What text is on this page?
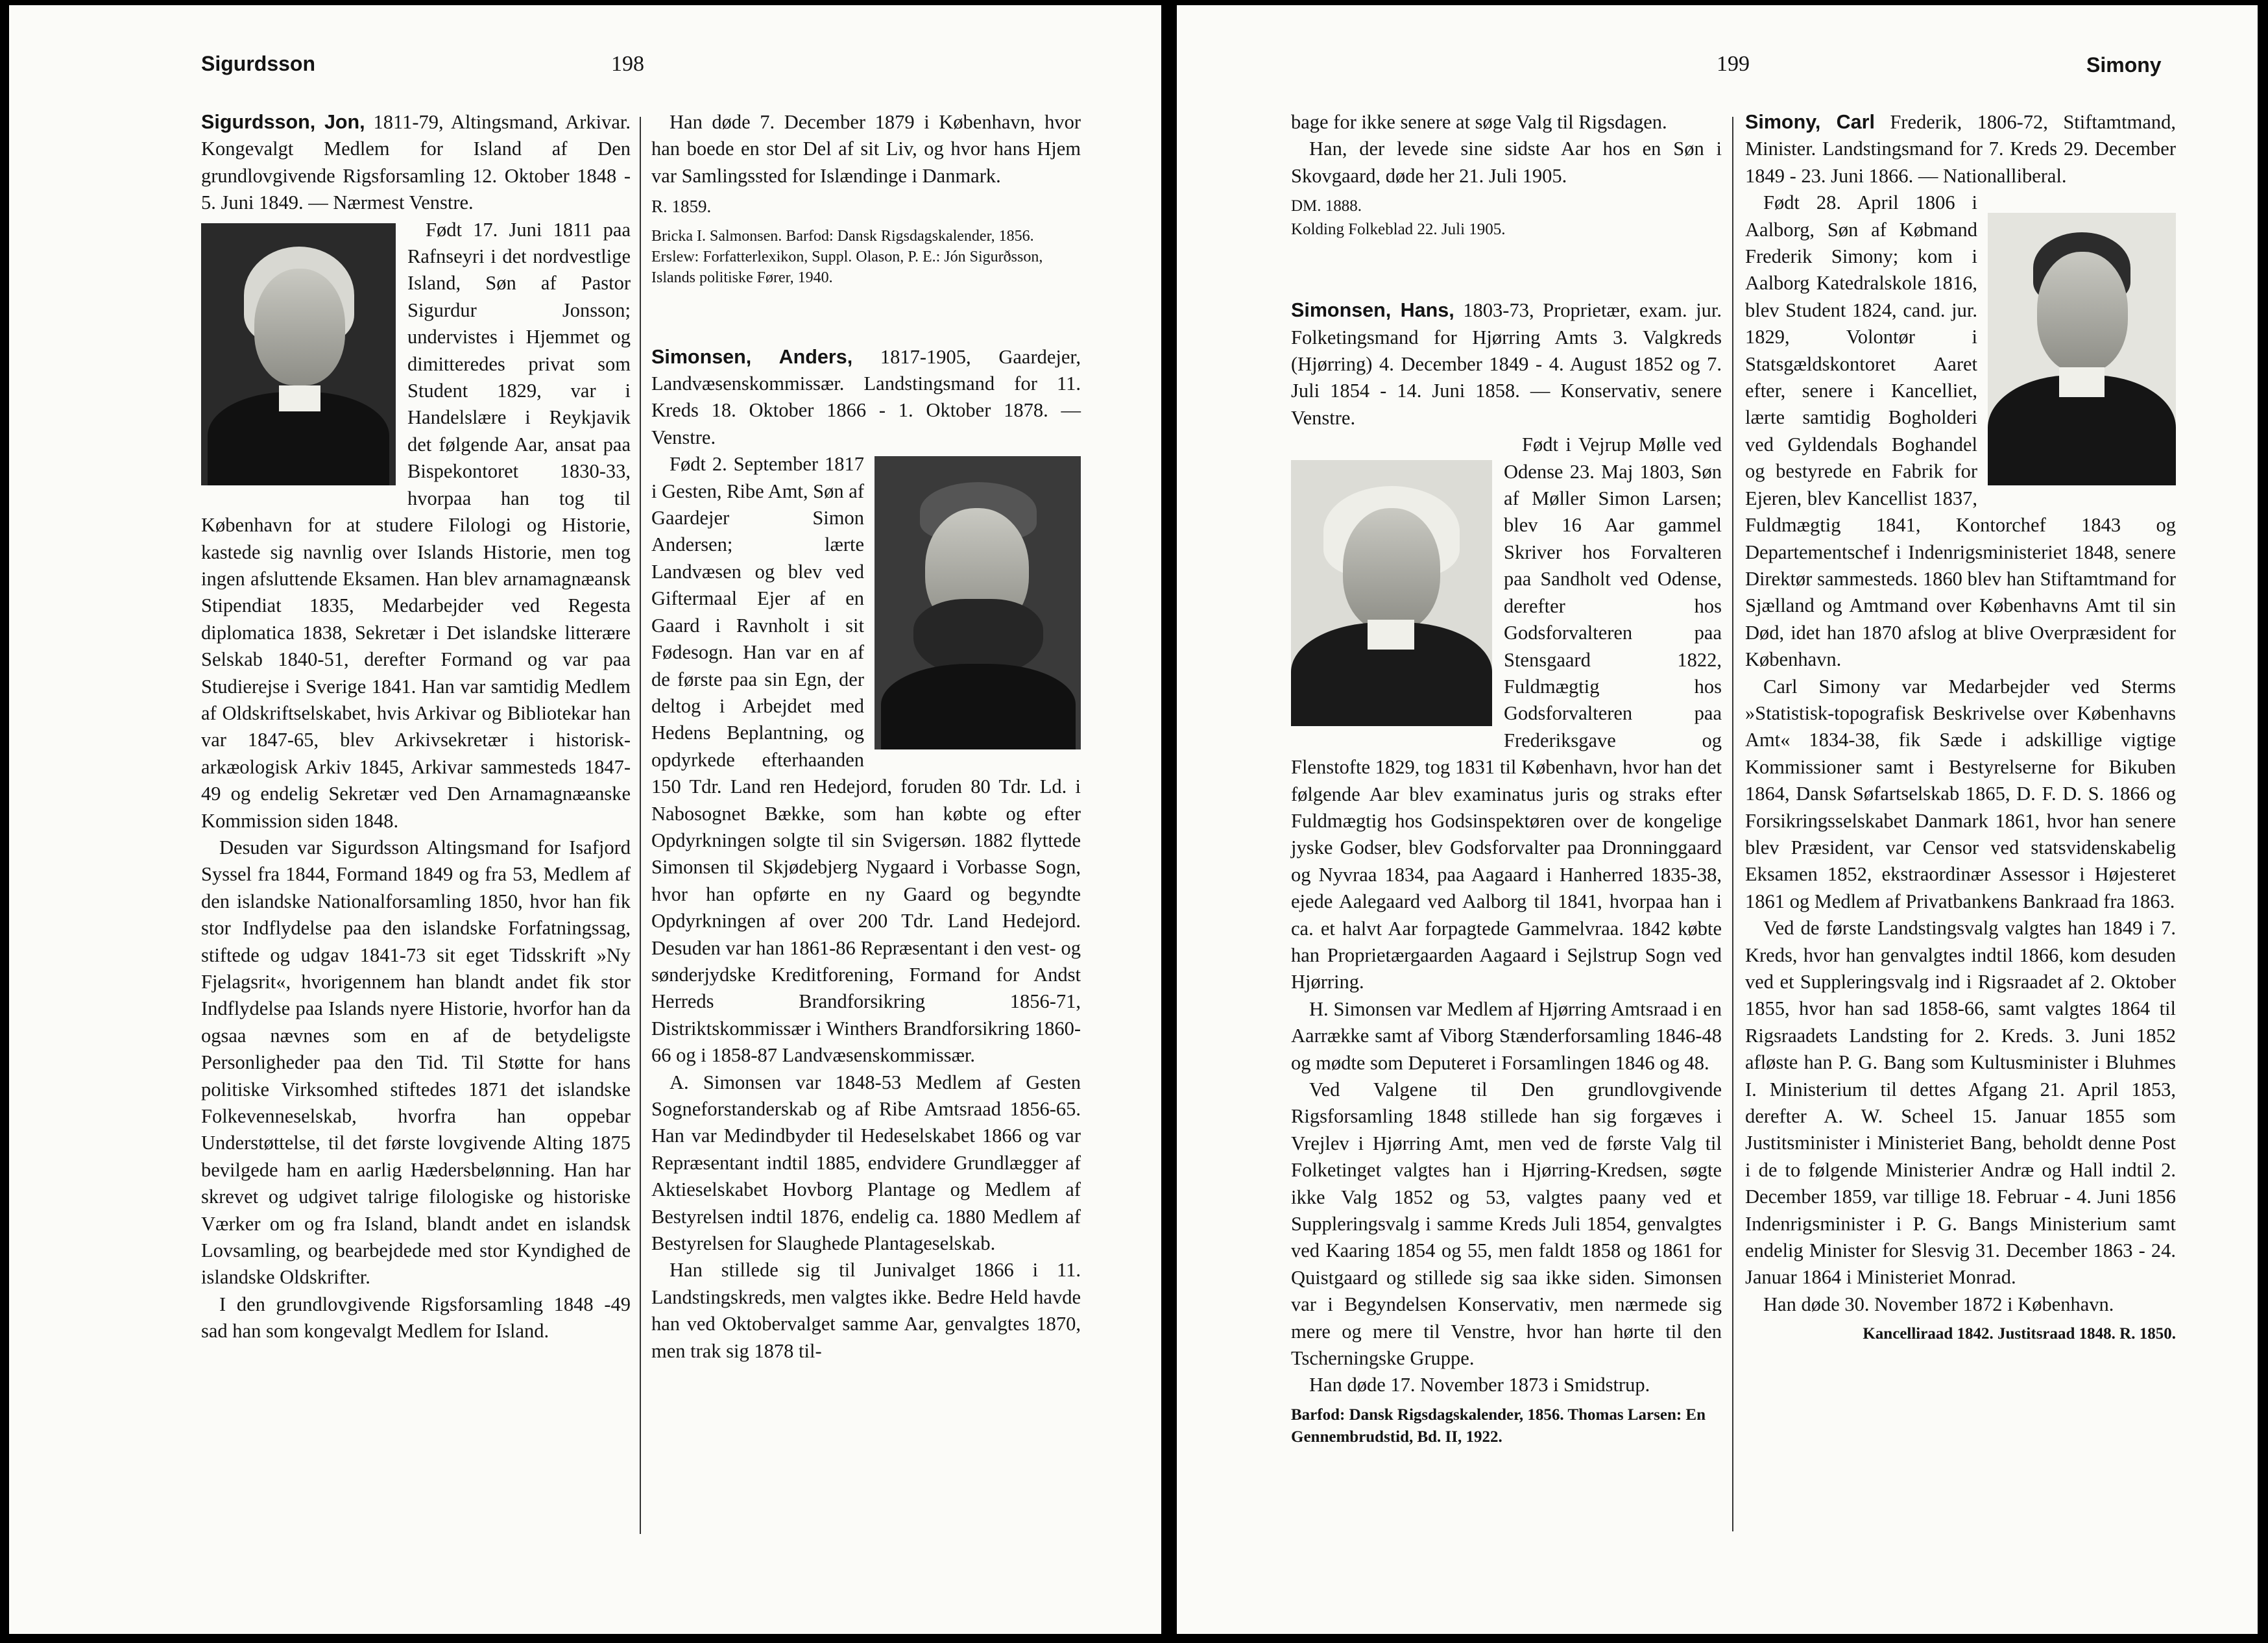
Sigurdsson	198

Sigurdsson, Jon, 1811-79, Altingsmand, Arkivar. Kongevalgt Medlem for Island af Den grundlovgivende Rigsforsamling 12. Oktober 1848 - 5. Juni 1849. — Nærmest Venstre.

Født 17. Juni 1811 paa Rafnseyri i det nordvestlige Island, Søn af Pastor Sigurdur Jonsson; undervistes i Hjemmet og dimitteredes privat som Student 1829, var i Handelslære i Reykjavik det følgende Aar, ansat paa Bispekontoret 1830-33, hvorpaa han tog til København for at studere Filologi og Historie, kastede sig navnlig over Islands Historie, men tog ingen afsluttende Eksamen. Han blev arnamagnæansk Stipendiat 1835, Medarbejder ved Regesta diplomatica 1838, Sekretær i Det islandske litterære Selskab 1840-51, derefter Formand og var paa Studierejse i Sverige 1841. Han var samtidig Medlem af Oldskriftselskabet, hvis Arkivar og Bibliotekar han var 1847-65, blev Arkivsekretær i historisk-arkæologisk Arkiv 1845, Arkivar sammesteds 1847-49 og endelig Sekretær ved Den Arnamagnæanske Kommission siden 1848.

Desuden var Sigurdsson Altingsmand for Isafjord Syssel fra 1844, Formand 1849 og fra 53, Medlem af den islandske Nationalforsamling 1850, hvor han fik stor Indflydelse paa den islandske Forfatningssag, stiftede og udgav 1841-73 sit eget Tidsskrift »Ny Fjelagsrit«, hvorigennem han blandt andet fik stor Indflydelse paa Islands nyere Historie, hvorfor han da ogsaa nævnes som en af de betydeligste Personligheder paa den Tid. Til Støtte for hans politiske Virksomhed stiftedes 1871 det islandske Folkevenneselskab, hvorfra han oppebar Understøttelse, til det første lovgivende Alting 1875 bevilgede ham en aarlig Hædersbelønning. Han har skrevet og udgivet talrige filologiske og historiske Værker om og fra Island, blandt andet en islandsk Lovsamling, og bearbejdede med stor Kyndighed de islandske Oldskrifter.

I den grundlovgivende Rigsforsamling 1848 -49 sad han som kongevalgt Medlem for Island.

Han døde 7. December 1879 i København, hvor han boede en stor Del af sit Liv, og hvor hans Hjem var Samlingssted for Islændinge i Danmark.

R. 1859.

Bricka I. Salmonsen. Barfod: Dansk Rigsdagskalender, 1856. Erslew: Forfatterlexikon, Suppl. Olason, P. E.: Jón Sigurðsson, Islands politiske Fører, 1940.

Simonsen, Anders, 1817-1905, Gaardejer, Landvæsenskommissær. Landstingsmand for 11. Kreds 18. Oktober 1866 - 1. Oktober 1878. — Venstre.

Født 2. September 1817 i Gesten, Ribe Amt, Søn af Gaardejer Simon Andersen; lærte Landvæsen og blev ved Giftermaal Ejer af en Gaard i Ravnholt i sit Fødesogn. Han var en af de første paa sin Egn, der deltog i Arbejdet med Hedens Beplantning, og opdyrkede efterhaanden 150 Tdr. Land ren Hedejord, foruden 80 Tdr. Ld. i Nabosognet Bække, som han købte og efter Opdyrkningen solgte til sin Svigersøn. 1882 flyttede Simonsen til Skjødebjerg Nygaard i Vorbasse Sogn, hvor han opførte en ny Gaard og begyndte Opdyrkningen af over 200 Tdr. Land Hedejord. Desuden var han 1861-86 Repræsentant i den vest- og sønderjydske Kreditforening, Formand for Andst Herreds Brandforsikring 1856-71, Distriktskommissær i Winthers Brandforsikring 1860-66 og i 1858-87 Landvæsenskommissær.

A. Simonsen var 1848-53 Medlem af Gesten Sogneforstanderskab og af Ribe Amtsraad 1856-65. Han var Medindbyder til Hedeselskabet 1866 og var Repræsentant indtil 1885, endvidere Grundlægger af Aktieselskabet Hovborg Plantage og Medlem af Bestyrelsen indtil 1876, endelig ca. 1880 Medlem af Bestyrelsen for Slaughede Plantageselskab.

Han stillede sig til Junivalget 1866 i 11. Landstingskreds, men valgtes ikke. Bedre Held havde han ved Oktobervalget samme Aar, genvalgtes 1870, men trak sig 1878 til-

199	Simony

bage for ikke senere at søge Valg til Rigsdagen.

Han, der levede sine sidste Aar hos en Søn i Skovgaard, døde her 21. Juli 1905.

DM. 1888.

Kolding Folkeblad 22. Juli 1905.

Simonsen, Hans, 1803-73, Proprietær, exam. jur. Folketingsmand for Hjørring Amts 3. Valgkreds (Hjørring) 4. December 1849 - 4. August 1852 og 7. Juli 1854 - 14. Juni 1858. — Konservativ, senere Venstre.

Født i Vejrup Mølle ved Odense 23. Maj 1803, Søn af Møller Simon Larsen; blev 16 Aar gammel Skriver hos Forvalteren paa Sandholt ved Odense, derefter hos Godsforvalteren paa Stensgaard 1822, Fuldmægtig hos Godsforvalteren paa Frederiksgave og Flenstofte 1829, tog 1831 til København, hvor han det følgende Aar blev examinatus juris og straks efter Fuldmægtig hos Godsinspektøren over de kongelige jyske Godser, blev Godsforvalter paa Dronninggaard og Nyvraa 1834, paa Aagaard i Hanherred 1835-38, ejede Aalegaard ved Aalborg til 1841, hvorpaa han i ca. et halvt Aar forpagtede Gammelvraa. 1842 købte han Proprietærgaarden Aagaard i Sejlstrup Sogn ved Hjørring.

H. Simonsen var Medlem af Hjørring Amtsraad i en Aarrække samt af Viborg Stænderforsamling 1846-48 og mødte som Deputeret i Forsamlingen 1846 og 48.

Ved Valgene til Den grundlovgivende Rigsforsamling 1848 stillede han sig forgæves i Vrejlev i Hjørring Amt, men ved de første Valg til Folketinget valgtes han i Hjørring-Kredsen, søgte ikke Valg 1852 og 53, valgtes paany ved et Suppleringsvalg i samme Kreds Juli 1854, genvalgtes ved Kaaring 1854 og 55, men faldt 1858 og 1861 for Quistgaard og stillede sig saa ikke siden. Simonsen var i Begyndelsen Konservativ, men nærmede sig mere og mere til Venstre, hvor han hørte til den Tscherningske Gruppe.

Han døde 17. November 1873 i Smidstrup.

Barfod: Dansk Rigsdagskalender, 1856. Thomas Larsen: En Gennembrudstid, Bd. II, 1922.

Simony, Carl Frederik, 1806-72, Stiftamtmand, Minister. Landstingsmand for 7. Kreds 29. December 1849 - 23. Juni 1866. — Nationalliberal.

Født 28. April 1806 i Aalborg, Søn af Købmand Frederik Simony; kom i Aalborg Katedralskole 1816, blev Student 1824, cand. jur. 1829, Volontør i Statsgældskontoret Aaret efter, senere i Kancelliet, lærte samtidig Bogholderi ved Gyldendals Boghandel og bestyrede en Fabrik for Ejeren, blev Kancellist 1837, Fuldmægtig 1841, Kontorchef 1843 og Departementschef i Indenrigsministeriet 1848, senere Direktør sammesteds. 1860 blev han Stiftamtmand for Sjælland og Amtmand over Københavns Amt til sin Død, idet han 1870 afslog at blive Overpræsident for København.

Carl Simony var Medarbejder ved Sterms »Statistisk-topografisk Beskrivelse over Københavns Amt« 1834-38, fik Sæde i adskillige vigtige Kommissioner samt i Bestyrelserne for Bikuben 1864, Dansk Søfartselskab 1865, D. F. D. S. 1866 og Forsikringsselskabet Danmark 1861, hvor han senere blev Præsident, var Censor ved statsvidenskabelig Eksamen 1852, ekstraordinær Assessor i Højesteret 1861 og Medlem af Privatbankens Bankraad fra 1863.

Ved de første Landstingsvalg valgtes han 1849 i 7. Kreds, hvor han genvalgtes indtil 1866, kom desuden ved et Suppleringsvalg ind i Rigsraadet af 2. Oktober 1855, hvor han sad 1858-66, samt valgtes 1864 til Rigsraadets Landsting for 2. Kreds. 3. Juni 1852 afløste han P. G. Bang som Kultusminister i Bluhmes I. Ministerium til dettes Afgang 21. April 1853, derefter A. W. Scheel 15. Januar 1855 som Justitsminister i Ministeriet Bang, beholdt denne Post i de to følgende Ministerier Andræ og Hall indtil 2. December 1859, var tillige 18. Februar - 4. Juni 1856 Indenrigsminister i P. G. Bangs Ministerium samt endelig Minister for Slesvig 31. December 1863 - 24. Januar 1864 i Ministeriet Monrad.

Han døde 30. November 1872 i København.

Kancelliraad 1842. Justitsraad 1848. R. 1850.
